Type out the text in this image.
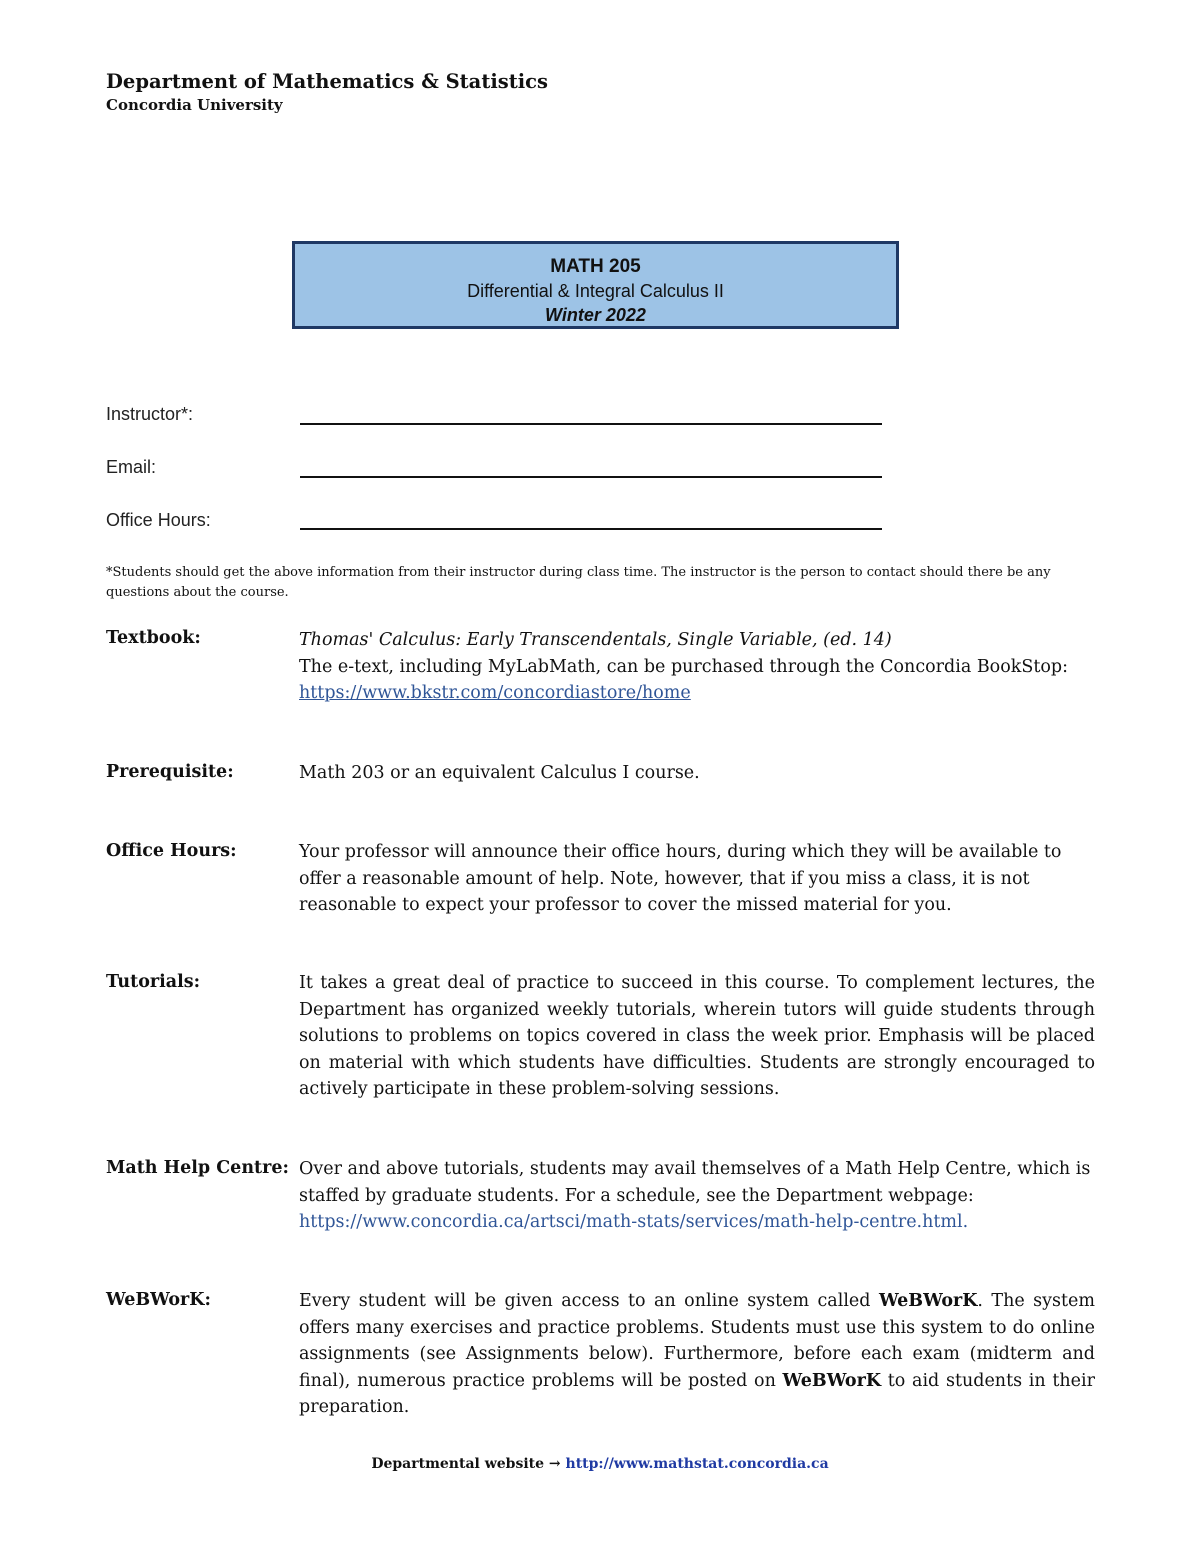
Department of Mathematics & Statistics
Concordia University
MATH 205
Differential & Integral Calculus II
Winter 2022
Instructor*:
Email:
Office Hours:
*Students should get the above information from their instructor during class time. The instructor is the person to contact should there be any questions about the course.
Textbook:	Thomas' Calculus: Early Transcendentals, Single Variable, (ed. 14)
The e-text, including MyLabMath, can be purchased through the Concordia BookStop:
https://www.bkstr.com/concordiastore/home
Prerequisite:	Math 203 or an equivalent Calculus I course.
Office Hours:	Your professor will announce their office hours, during which they will be available to offer a reasonable amount of help. Note, however, that if you miss a class, it is not reasonable to expect your professor to cover the missed material for you.
Tutorials:	It takes a great deal of practice to succeed in this course. To complement lectures, the Department has organized weekly tutorials, wherein tutors will guide students through solutions to problems on topics covered in class the week prior. Emphasis will be placed on material with which students have difficulties. Students are strongly encouraged to actively participate in these problem-solving sessions.
Math Help Centre: Over and above tutorials, students may avail themselves of a Math Help Centre, which is staffed by graduate students. For a schedule, see the Department webpage:
https://www.concordia.ca/artsci/math-stats/services/math-help-centre.html.
WeBWorK:	Every student will be given access to an online system called WeBWorK. The system offers many exercises and practice problems. Students must use this system to do online assignments (see Assignments below). Furthermore, before each exam (midterm and final), numerous practice problems will be posted on WeBWorK to aid students in their preparation.
Departmental website → http://www.mathstat.concordia.ca
